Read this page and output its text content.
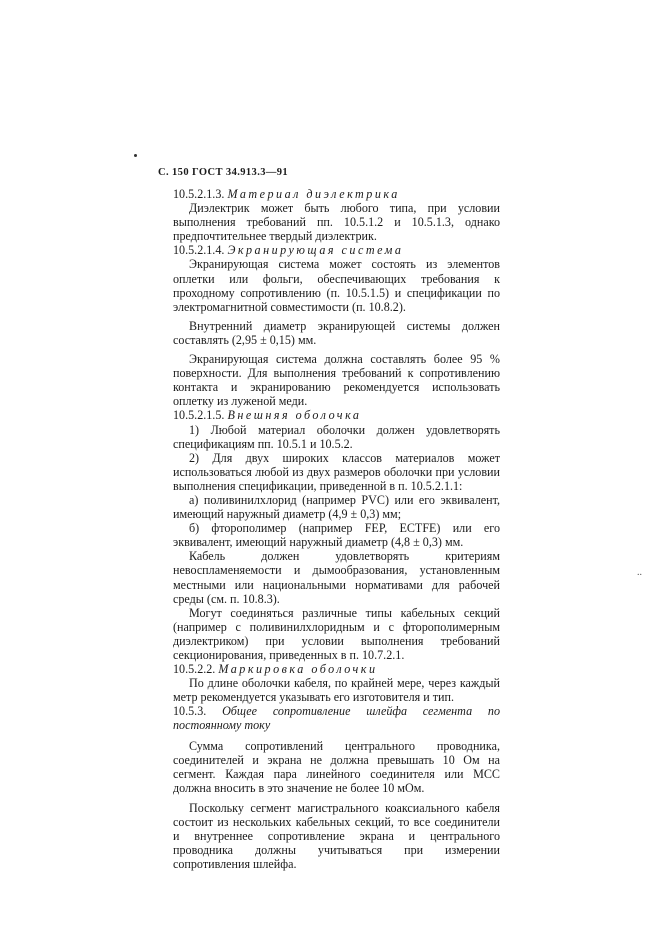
С. 150 ГОСТ 34.913.3—91
..

10.5.2.1.3. Материал диэлектрика

Диэлектрик может быть любого типа, при условии выполнения требований пп. 10.5.1.2 и 10.5.1.3, однако предпочтительнее твердый диэлектрик.

10.5.2.1.4. Экранирующая система

Экранирующая система может состоять из элементов оплетки или фольги, обеспечивающих требования к проходному сопротивлению (п. 10.5.1.5) и спецификации по электромагнитной совместимости (п. 10.8.2).

Внутренний диаметр экранирующей системы должен составлять (2,95 ± 0,15) мм.

Экранирующая система должна составлять более 95 % поверхности. Для выполнения требований к сопротивлению контакта и экранированию рекомендуется использовать оплетку из луженой меди.

10.5.2.1.5. Внешняя оболочка

1) Любой материал оболочки должен удовлетворять спецификациям пп. 10.5.1 и 10.5.2.

2) Для двух широких классов материалов может использоваться любой из двух размеров оболочки при условии выполнения спецификации, приведенной в п. 10.5.2.1.1:

а) поливинилхлорид (например PVC) или его эквивалент, имеющий наружный диаметр (4,9 ± 0,3) мм;

б) фторополимер (например FEP, ECTFE) или его эквивалент, имеющий наружный диаметр (4,8 ± 0,3) мм.

Кабель должен удовлетворять критериям невоспламеняемости и дымообразования, установленным местными или национальными нормативами для рабочей среды (см. п. 10.8.3).

Могут соединяться различные типы кабельных секций (например с поливинилхлоридным и с фторополимерным диэлектриком) при условии выполнения требований секционирования, приведенных в п. 10.7.2.1.

10.5.2.2. Маркировка оболочки

По длине оболочки кабеля, по крайней мере, через каждый метр рекомендуется указывать его изготовителя и тип.

10.5.3. Общее сопротивление шлейфа сегмента по постоянному току

Сумма сопротивлений центрального проводника, соединителей и экрана не должна превышать 10 Ом на сегмент. Каждая пара линейного соединителя или МСС должна вносить в это значение не более 10 мОм.

Поскольку сегмент магистрального коаксиального кабеля состоит из нескольких кабельных секций, то все соединители и внутреннее сопротивление экрана и центрального проводника должны учитываться при измерении сопротивления шлейфа.
